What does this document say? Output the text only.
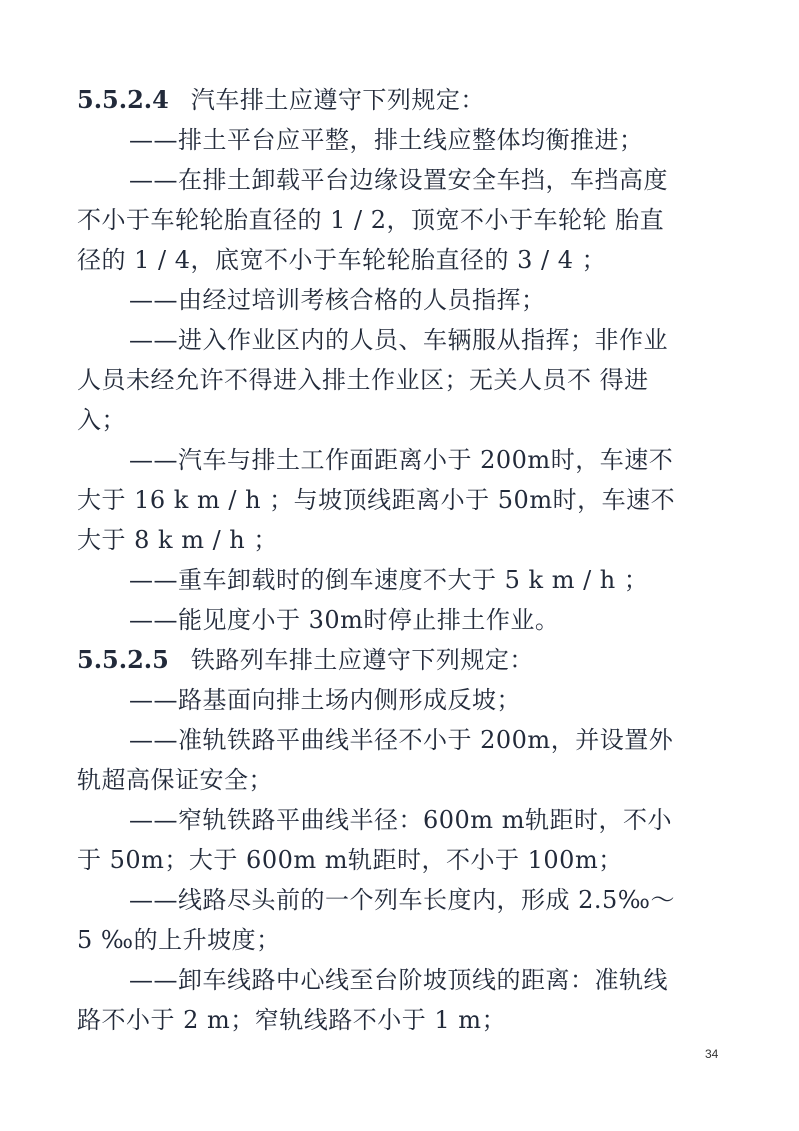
5.5.2.4 汽车排土应遵守下列规定：
——排土平台应平整，排土线应整体均衡推进；
——在排土卸载平台边缘设置安全车挡，车挡高度
不小于车轮轮胎直径的 1 / 2，顶宽不小于车轮轮 胎直
径的 1 / 4，底宽不小于车轮轮胎直径的 3 / 4 ；
——由经过培训考核合格的人员指挥；
——进入作业区内的人员、车辆服从指挥；非作业
人员未经允许不得进入排土作业区；无关人员不 得进
入；
——汽车与排土工作面距离小于 200m时，车速不
大于 16 k m / h ；与坡顶线距离小于 50m时，车速不
大于 8 k m / h ；
——重车卸载时的倒车速度不大于 5 k m / h ；
——能见度小于 30m时停止排土作业。
5.5.2.5 铁路列车排土应遵守下列规定：
——路基面向排土场内侧形成反坡；
——准轨铁路平曲线半径不小于 200m，并设置外
轨超高保证安全；
——窄轨铁路平曲线半径：600m m轨距时，不小
于 50m；大于 600m m轨距时，不小于 100m；
——线路尽头前的一个列车长度内，形成 2.5‰～
5 ‰的上升坡度；
——卸车线路中心线至台阶坡顶线的距离：准轨线
路不小于 2 m；窄轨线路不小于 1 m；
34
